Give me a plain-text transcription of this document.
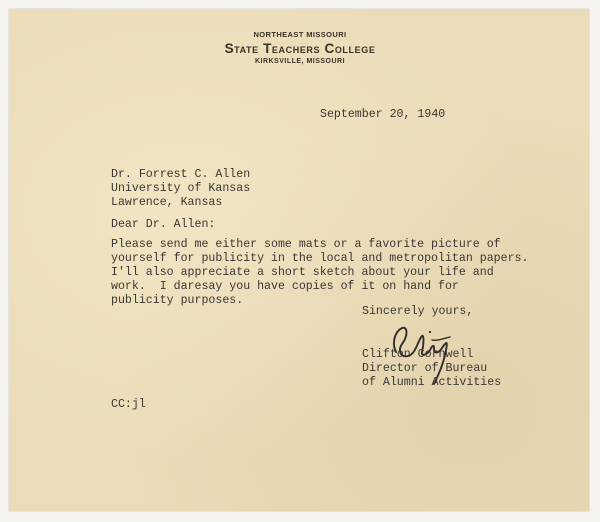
NORTHEAST MISSOURI
State Teachers College
KIRKSVILLE, MISSOURI
September 20, 1940
Dr. Forrest C. Allen
University of Kansas
Lawrence, Kansas
Dear Dr. Allen:
Please send me either some mats or a favorite picture of
yourself for publicity in the local and metropolitan papers.
I'll also appreciate a short sketch about your life and
work.  I daresay you have copies of it on hand for
publicity purposes.
Sincerely yours,
Clifton Cornwell
Director of Bureau
of Alumni Activities
CC:jl
